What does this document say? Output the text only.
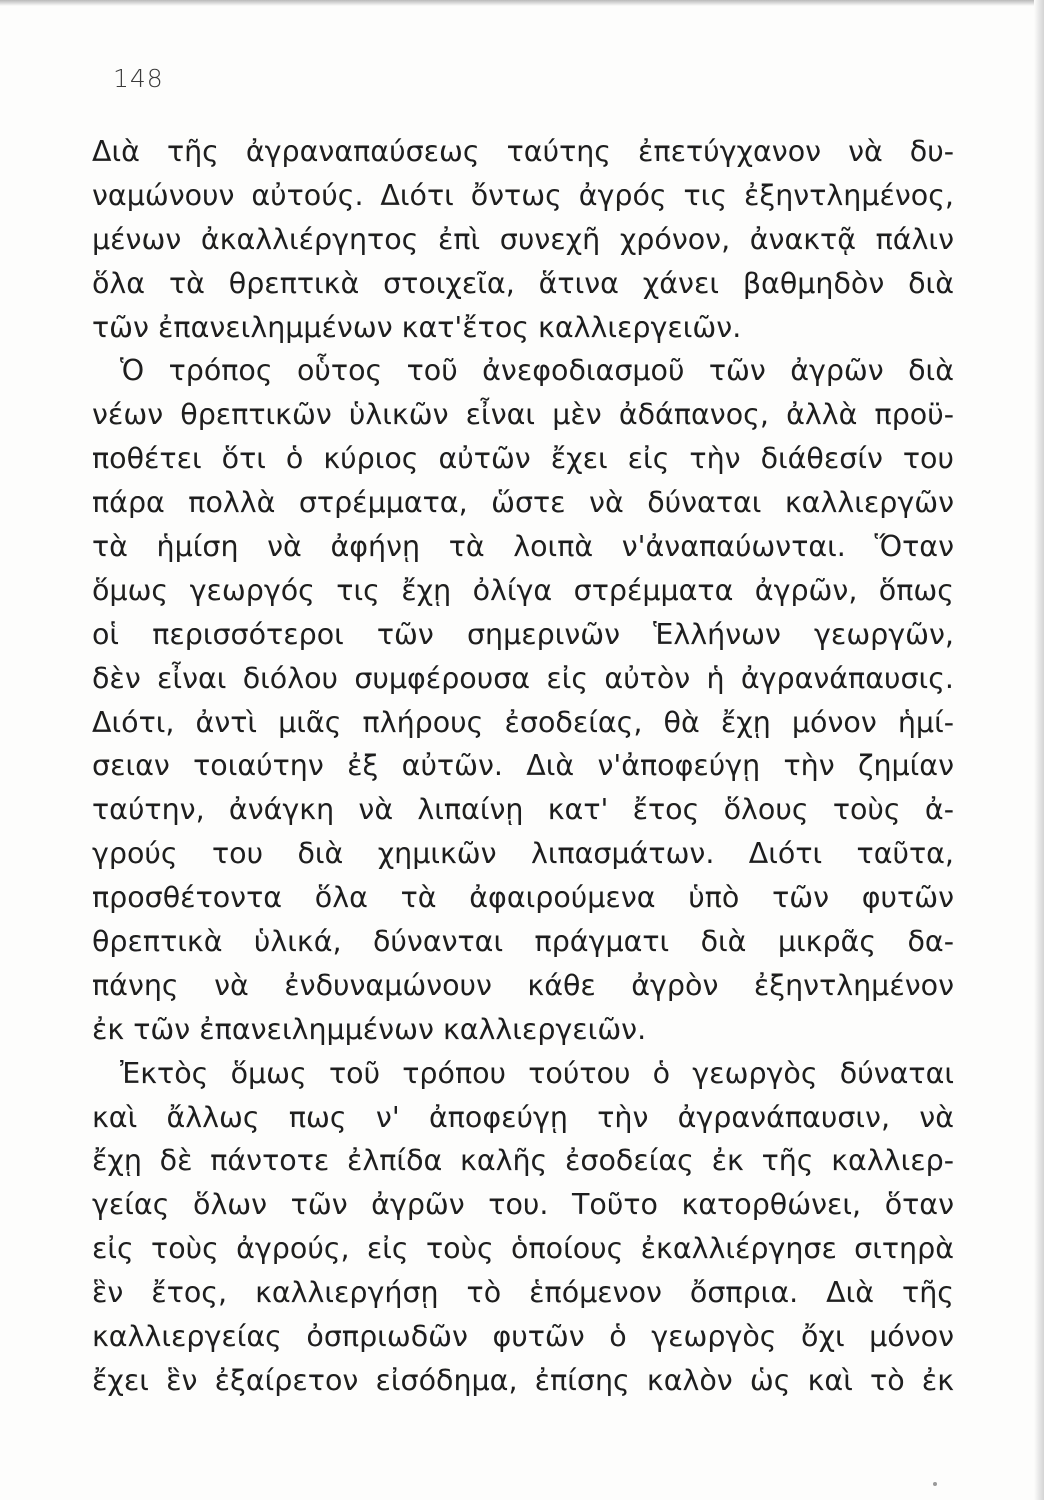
148
Διὰ τῆς ἀγραναπαύσεως ταύτης ἐπετύγχανον νὰ δυ-
ναμώνουν αὐτούς. Διότι ὄντως ἀγρός τις ἐξηντλημένος,
μένων ἀκαλλιέργητος ἐπὶ συνεχῆ χρόνον, ἀνακτᾷ πάλιν
ὅλα τὰ θρεπτικὰ στοιχεῖα, ἅτινα χάνει βαθμηδὸν διὰ
τῶν ἐπανειλημμένων κατ'ἔτος καλλιεργειῶν.
Ὁ τρόπος οὗτος τοῦ ἀνεφοδιασμοῦ τῶν ἀγρῶν διὰ
νέων θρεπτικῶν ὑλικῶν εἶναι μὲν ἀδάπανος, ἀλλὰ προϋ-
ποθέτει ὅτι ὁ κύριος αὐτῶν ἔχει εἰς τὴν διάθεσίν του
πάρα πολλὰ στρέμματα, ὥστε νὰ δύναται καλλιεργῶν
τὰ ἡμίση νὰ ἀφήνῃ τὰ λοιπὰ ν'ἀναπαύωνται. Ὅταν
ὅμως γεωργός τις ἔχῃ ὀλίγα στρέμματα ἀγρῶν, ὅπως
οἱ περισσότεροι τῶν σημερινῶν Ἑλλήνων γεωργῶν,
δὲν εἶναι διόλου συμφέρουσα εἰς αὐτὸν ἡ ἀγρανάπαυσις.
Διότι, ἀντὶ μιᾶς πλήρους ἐσοδείας, θὰ ἔχῃ μόνον ἡμί-
σειαν τοιαύτην ἐξ αὐτῶν. Διὰ ν'ἀποφεύγῃ τὴν ζημίαν
ταύτην, ἀνάγκη νὰ λιπαίνῃ κατ' ἔτος ὅλους τοὺς ἀ-
γρούς του διὰ χημικῶν λιπασμάτων. Διότι ταῦτα,
προσθέτοντα ὅλα τὰ ἀφαιρούμενα ὑπὸ τῶν φυτῶν
θρεπτικὰ ὑλικά, δύνανται πράγματι διὰ μικρᾶς δα-
πάνης νὰ ἐνδυναμώνουν κάθε ἀγρὸν ἐξηντλημένον
ἐκ τῶν ἐπανειλημμένων καλλιεργειῶν.
Ἐκτὸς ὅμως τοῦ τρόπου τούτου ὁ γεωργὸς δύναται
καὶ ἄλλως πως ν' ἀποφεύγῃ τὴν ἀγρανάπαυσιν, νὰ
ἔχῃ δὲ πάντοτε ἐλπίδα καλῆς ἐσοδείας ἐκ τῆς καλλιερ-
γείας ὅλων τῶν ἀγρῶν του. Τοῦτο κατορθώνει, ὅταν
εἰς τοὺς ἀγρούς, εἰς τοὺς ὁποίους ἐκαλλιέργησε σιτηρὰ
ἓν ἔτος, καλλιεργήσῃ τὸ ἑπόμενον ὄσπρια. Διὰ τῆς
καλλιεργείας ὀσπριωδῶν φυτῶν ὁ γεωργὸς ὄχι μόνον
ἔχει ἓν ἐξαίρετον εἰσόδημα, ἐπίσης καλὸν ὡς καὶ τὸ ἐκ
